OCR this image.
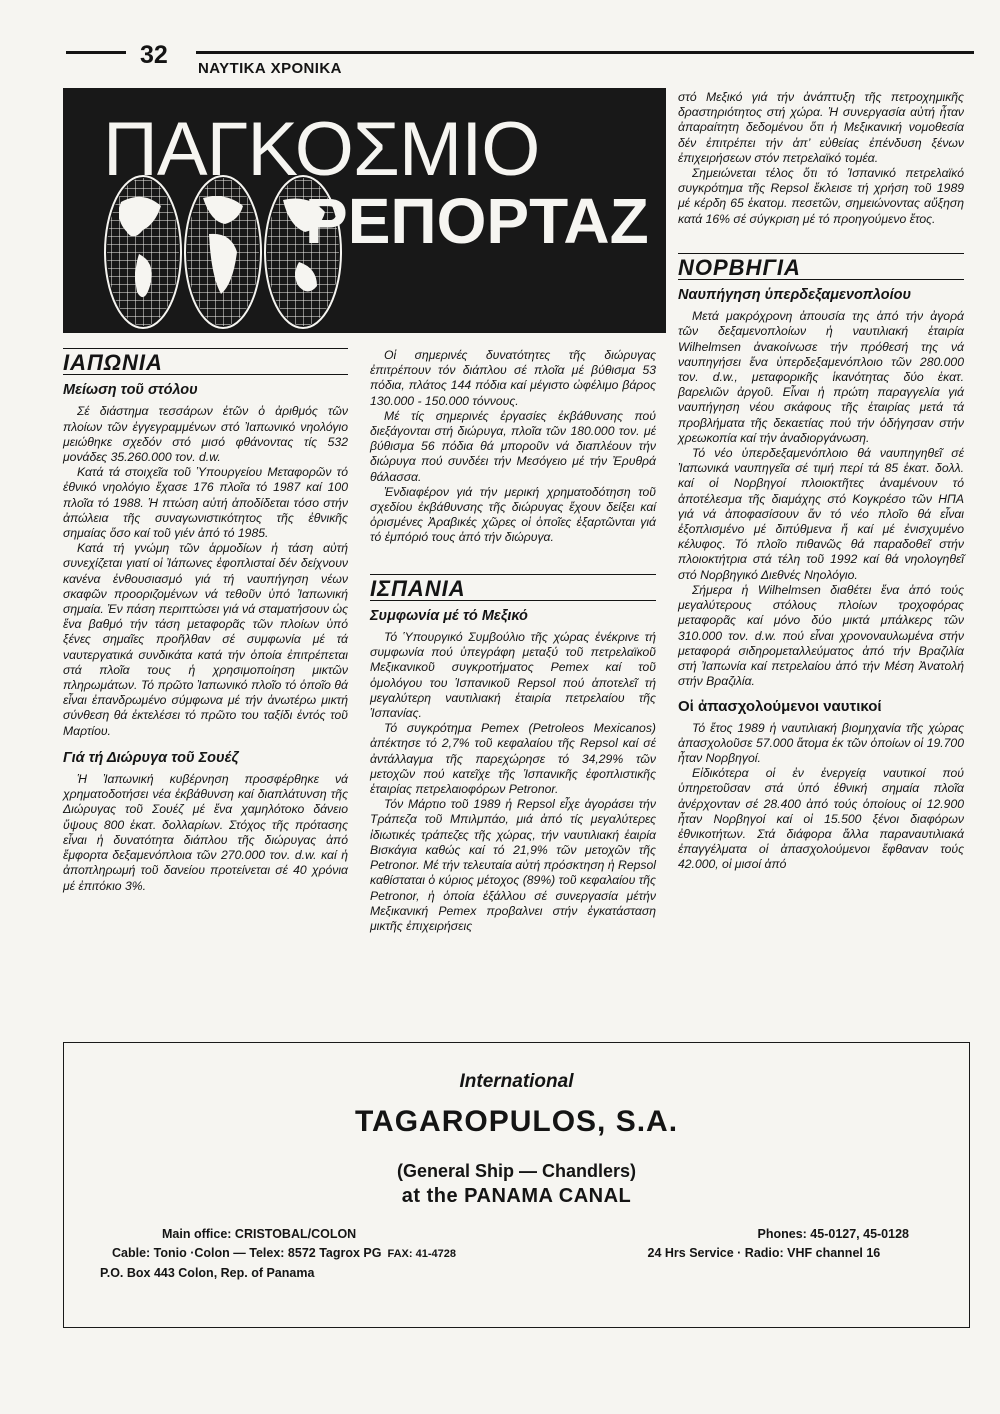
32 ΝΑΥΤΙΚΑ ΧΡΟΝΙΚΑ
ΠΑΓΚΟΣΜΙΟ
ΡΕΠΟΡΤΑΖ
ΙΑΠΩΝΙΑ
Μείωση τοῦ στόλου

Σέ διάστημα τεσσάρων ἐτῶν ὁ ἀριθμός τῶν πλοίων τῶν ἐγγεγραμμένων στό Ἰαπωνικό νηολόγιο μειώθηκε σχεδόν στό μισό φθάνοντας τίς 532 μονάδες 35.260.000 τον. d.w.

Κατά τά στοιχεῖα τοῦ Ὑπουργείου Μεταφορῶν τό ἐθνικό νηολόγιο ἔχασε 176 πλοῖα τό 1987 καί 100 πλοῖα τό 1988. Ἡ πτώση αὐτή ἀποδίδεται τόσο στήν ἀπώλεια τῆς συναγωνιστικότητος τῆς ἐθνικῆς σημαίας ὅσο καί τοῦ γιέν ἀπό τό 1985.

Κατά τή γνώμη τῶν ἁρμοδίων ἡ τάση αὐτή συνεχίζεται γιατί οἱ Ἰάπωνες ἐφοπλισταί δέν δείχνουν κανένα ἐνθουσιασμό γιά τή ναυπήγηση νέων σκαφῶν προοριζομένων νά τεθοῦν ὑπό Ἰαπωνική σημαία. Ἐν πάση περιπτώσει γιά νά σταματήσουν ὡς ἕνα βαθμό τήν τάση μεταφορᾶς τῶν πλοίων ὑπό ξένες σημαῖες προῆλθαν σέ συμφωνία μέ τά ναυτεργατικά συνδικάτα κατά τήν ὁποία ἐπιτρέπεται στά πλοῖα τους ἡ χρησιμοποίηση μικτῶν πληρωμάτων. Τό πρῶτο Ἰαπωνικό πλοῖο τό ὁποῖο θά εἶναι ἐπανδρωμένο σύμφωνα μέ τήν ἀνωτέρω μικτή σύνθεση θά ἐκτελέσει τό πρῶτο του ταξίδι ἐντός τοῦ Μαρτίου.

Γιά τή Διώρυγα τοῦ Σουέζ

Ἡ Ἰαπωνική κυβέρνηση προσφέρθηκε νά χρηματοδοτήσει νέα ἐκβάθυνση καί διαπλάτυνση τῆς Διώρυγας τοῦ Σουέζ μέ ἕνα χαμηλότοκο δάνειο ὕψους 800 ἑκατ. δολλαρίων. Στόχος τῆς πρότασης εἶναι ἡ δυνατότητα διάπλου τῆς διώρυγας ἀπό ἔμφορτα δεξαμενόπλοια τῶν 270.000 τον. d.w. καί ἡ ἀποπληρωμή τοῦ δανείου προτείνεται σέ 40 χρόνια μέ ἐπιτόκιο 3%.

Οἱ σημερινές δυνατότητες τῆς διώρυγας ἐπιτρέπουν τόν διάπλου σέ πλοῖα μέ βύθισμα 53 πόδια, πλάτος 144 πόδια καί μέγιστο ὠφέλιμο βάρος 130.000 - 150.000 τόννους.

Μέ τίς σημερινές ἐργασίες ἐκβάθυνσης πού διεξάγονται στή διώρυγα, πλοῖα τῶν 180.000 τον. μέ βύθισμα 56 πόδια θά μποροῦν νά διαπλέουν τήν διώρυγα πού συνδέει τήν Μεσόγειο μέ τήν Ἐρυθρά θάλασσα.

Ἐνδιαφέρον γιά τήν μερική χρηματοδότηση τοῦ σχεδίου ἐκβάθυνσης τῆς διώρυγας ἔχουν δείξει καί ὁρισμένες Ἀραβικές χῶρες οἱ ὁποῖες ἐξαρτῶνται γιά τό ἐμπόριό τους ἀπό τήν διώρυγα.

ΙΣΠΑΝΙΑ
Συμφωνία μέ τό Μεξικό

Τό Ὑπουργικό Συμβούλιο τῆς χώρας ἐνέκρινε τή συμφωνία πού ὑπεγράφη μεταξύ τοῦ πετρελαϊκοῦ Μεξικανικοῦ συγκροτήματος Pemex καί τοῦ ὁμολόγου του Ἱσπανικοῦ Repsol πού ἀποτελεῖ τή μεγαλύτερη ναυτιλιακή ἑταιρία πετρελαίου τῆς Ἱσπανίας.

Τό συγκρότημα Pemex (Petroleos Mexicanos) ἀπέκτησε τό 2,7% τοῦ κεφαλαίου τῆς Repsol καί σέ ἀντάλλαγμα τῆς παρεχώρησε τό 34,29% τῶν μετοχῶν πού κατεῖχε τῆς Ἱσπανικῆς ἐφοπλιστικῆς ἑταιρίας πετρελαιοφόρων Petronor.

Τόν Μάρτιο τοῦ 1989 ἡ Repsol εἶχε ἀγοράσει τήν Τράπεζα τοῦ Μπιλμπάο, μιά ἀπό τίς μεγαλύτερες ἰδιωτικές τράπεζες τῆς χώρας, τήν ναυτιλιακή ἑαιρία Βισκάγια καθώς καί τό 21,9% τῶν μετοχῶν τῆς Petronor. Μέ τήν τελευταία αὐτή πρόσκτηση ἡ Repsol καθίσταται ὁ κύριος μέτοχος (89%) τοῦ κεφαλαίου τῆς Petronor, ἡ ὁποία ἐξάλλου σέ συνεργασία μέτήν Μεξικανική Pemex προβαλνει στήν ἐγκατάσταση μικτῆς ἐπιχειρήσεις

στό Μεξικό γιά τήν ἀνάπτυξη τῆς πετροχημικῆς δραστηριότητος στή χώρα. Ἡ συνεργασία αὐτή ἦταν ἀπαραίτητη δεδομένου ὅτι ἡ Μεξικανική νομοθεσία δέν ἐπιτρέπει τήν ἀπ’ εὐθείας ἐπένδυση ξένων ἐπιχειρήσεων στόν πετρελαϊκό τομέα.

Σημειώνεται τέλος ὅτι τό Ἱσπανικό πετρελαϊκό συγκρότημα τῆς Repsol ἔκλεισε τή χρήση τοῦ 1989 μέ κέρδη 65 ἑκατομ. πεσετῶν, σημειώνοντας αὔξηση κατά 16% σέ σύγκριση μέ τό προηγούμενο ἔτος.

ΝΟΡΒΗΓΙΑ
Ναυπήγηση ὑπερδεξαμενοπλοίου

Μετά μακρόχρονη ἀπουσία της ἀπό τήν ἀγορά τῶν δεξαμενοπλοίων ἡ ναυτιλιακή ἑταιρία Wilhelmsen ἀνακοίνωσε τήν πρόθεσή της νά ναυπηγήσει ἕνα ὑπερδεξαμενόπλοιο τῶν 280.000 τον. d.w., μεταφορικῆς ἱκανότητας δύο ἑκατ. βαρελιῶν ἀργοῦ. Εἶναι ἡ πρώτη παραγγελία γιά ναυπήγηση νέου σκάφους τῆς ἑταιρίας μετά τά προβλήματα τῆς δεκαετίας πού τήν ὁδήγησαν στήν χρεωκοπία καί τήν ἀναδιοργάνωση.

Τό νέο ὑπερδεξαμενόπλοιο θά ναυπηγηθεῖ σέ Ἰαπωνικά ναυπηγεῖα σέ τιμή περί τά 85 ἑκατ. δολλ. καί οἱ Νορβηγοί πλοιοκτῆτες ἀναμένουν τό ἀποτέλεσμα τῆς διαμάχης στό Κογκρέσο τῶν ΗΠΑ γιά νά ἀποφασίσουν ἄν τό νέο πλοῖο θά εἶναι ἐξοπλισμένο μέ διπύθμενα ἤ καί μέ ἐνισχυμένο κέλυφος. Τό πλοῖο πιθανῶς θά παραδοθεῖ στήν πλοιοκτήτρια στά τέλη τοῦ 1992 καί θά νηολογηθεῖ στό Νορβηγικό Διεθνές Νηολόγιο.

Σήμερα ἡ Wilhelmsen διαθέτει ἕνα ἀπό τούς μεγαλύτερους στόλους πλοίων τροχοφόρας μεταφορᾶς καί μόνο δύο μικτά μπάλκερς τῶν 310.000 τον. d.w. πού εἶναι χρονοναυλωμένα στήν μεταφορά σιδηρομεταλλεύματος ἀπό τήν Βραζιλία στή Ἰαπωνία καί πετρελαίου ἀπό τήν Μέση Ἀνατολή στήν Βραζιλία.

Οἱ ἀπασχολούμενοι ναυτικοί

Τό ἔτος 1989 ἡ ναυτιλιακή βιομηχανία τῆς χώρας ἀπασχολοῦσε 57.000 ἄτομα ἐκ τῶν ὁποίων οἱ 19.700 ἦταν Νορβηγοί.

Εἰδικότερα οἱ ἐν ἐνεργείᾳ ναυτικοί πού ὑπηρετοῦσαν στά ὑπό ἐθνική σημαία πλοῖα ἀνέρχονταν σέ 28.400 ἀπό τούς ὁποίους οἱ 12.900 ἦταν Νορβηγοί καί οἱ 15.500 ξένοι διαφόρων ἐθνικοτήτων. Στά διάφορα ἄλλα παραναυτιλιακά ἐπαγγέλματα οἱ ἀπασχολούμενοι ἔφθαναν τούς 42.000, οἱ μισοί ἀπό

International
TAGAROPULOS, S.A.
(General Ship — Chandlers)
at the PANAMA CANAL
Main office: CRISTOBAL/COLON
Cable: Tonio ·Colon — Telex: 8572 Tagrox PG FAX: 41-4728
P.O. Box 443 Colon, Rep. of Panama
Phones: 45-0127, 45-0128
24 Hrs Service · Radio: VHF channel 16
